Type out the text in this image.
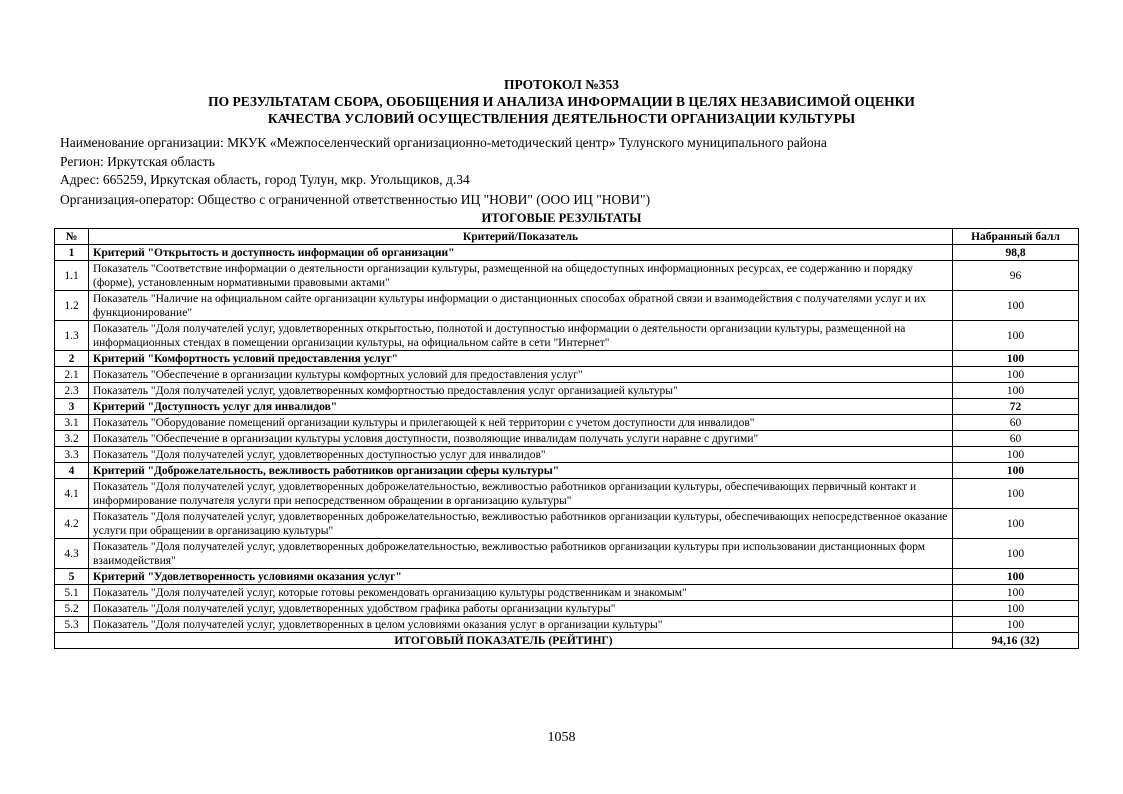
ПРОТОКОЛ №353
ПО РЕЗУЛЬТАТАМ СБОРА, ОБОБЩЕНИЯ И АНАЛИЗА ИНФОРМАЦИИ В ЦЕЛЯХ НЕЗАВИСИМОЙ ОЦЕНКИ
КАЧЕСТВА УСЛОВИЙ ОСУЩЕСТВЛЕНИЯ ДЕЯТЕЛЬНОСТИ ОРГАНИЗАЦИИ КУЛЬТУРЫ
Наименование организации: МКУК «Межпоселенческий организационно-методический центр» Тулунского муниципального района
Регион: Иркутская область
Адрес: 665259, Иркутская область, город Тулун, мкр. Угольщиков, д.34
Организация-оператор: Общество с ограниченной ответственностью ИЦ "НОВИ" (ООО ИЦ "НОВИ")
ИТОГОВЫЕ РЕЗУЛЬТАТЫ
№	Критерий/Показатель	Набранный балл
1	Критерий "Открытость и доступность информации об организации"	98,8
1.1	Показатель "Соответствие информации о деятельности организации культуры, размещенной на общедоступных информационных ресурсах, ее содержанию и порядку (форме), установленным нормативными правовыми актами"	96
1.2	Показатель "Наличие на официальном сайте организации культуры информации о дистанционных способах обратной связи и взаимодействия с получателями услуг и их функционирование"	100
1.3	Показатель "Доля получателей услуг, удовлетворенных открытостью, полнотой и доступностью информации о деятельности организации культуры, размещенной на информационных стендах в помещении организации культуры, на официальном сайте в сети "Интернет"	100
2	Критерий "Комфортность условий предоставления услуг"	100
2.1	Показатель "Обеспечение в организации культуры комфортных условий для предоставления услуг"	100
2.3	Показатель "Доля получателей услуг, удовлетворенных комфортностью предоставления услуг организацией культуры"	100
3	Критерий "Доступность услуг для инвалидов"	72
3.1	Показатель "Оборудование помещений организации культуры и прилегающей к ней территории с учетом доступности для инвалидов"	60
3.2	Показатель "Обеспечение в организации культуры условия доступности, позволяющие инвалидам получать услуги наравне с другими"	60
3.3	Показатель "Доля получателей услуг, удовлетворенных доступностью услуг для инвалидов"	100
4	Критерий "Доброжелательность, вежливость работников организации сферы культуры"	100
4.1	Показатель "Доля получателей услуг, удовлетворенных доброжелательностью, вежливостью работников организации культуры, обеспечивающих первичный контакт и информирование получателя услуги при непосредственном обращении в организацию культуры"	100
4.2	Показатель "Доля получателей услуг, удовлетворенных доброжелательностью, вежливостью работников организации культуры, обеспечивающих непосредственное оказание услуги при обращении в организацию культуры"	100
4.3	Показатель "Доля получателей услуг, удовлетворенных доброжелательностью, вежливостью работников организации культуры при использовании дистанционных форм взаимодействия"	100
5	Критерий "Удовлетворенность условиями оказания услуг"	100
5.1	Показатель "Доля получателей услуг, которые готовы рекомендовать организацию культуры родственникам и знакомым"	100
5.2	Показатель "Доля получателей услуг, удовлетворенных удобством графика работы организации культуры"	100
5.3	Показатель "Доля получателей услуг, удовлетворенных в целом условиями оказания услуг в организации культуры"	100
ИТОГОВЫЙ ПОКАЗАТЕЛЬ (РЕЙТИНГ)		94,16 (32)
1058
